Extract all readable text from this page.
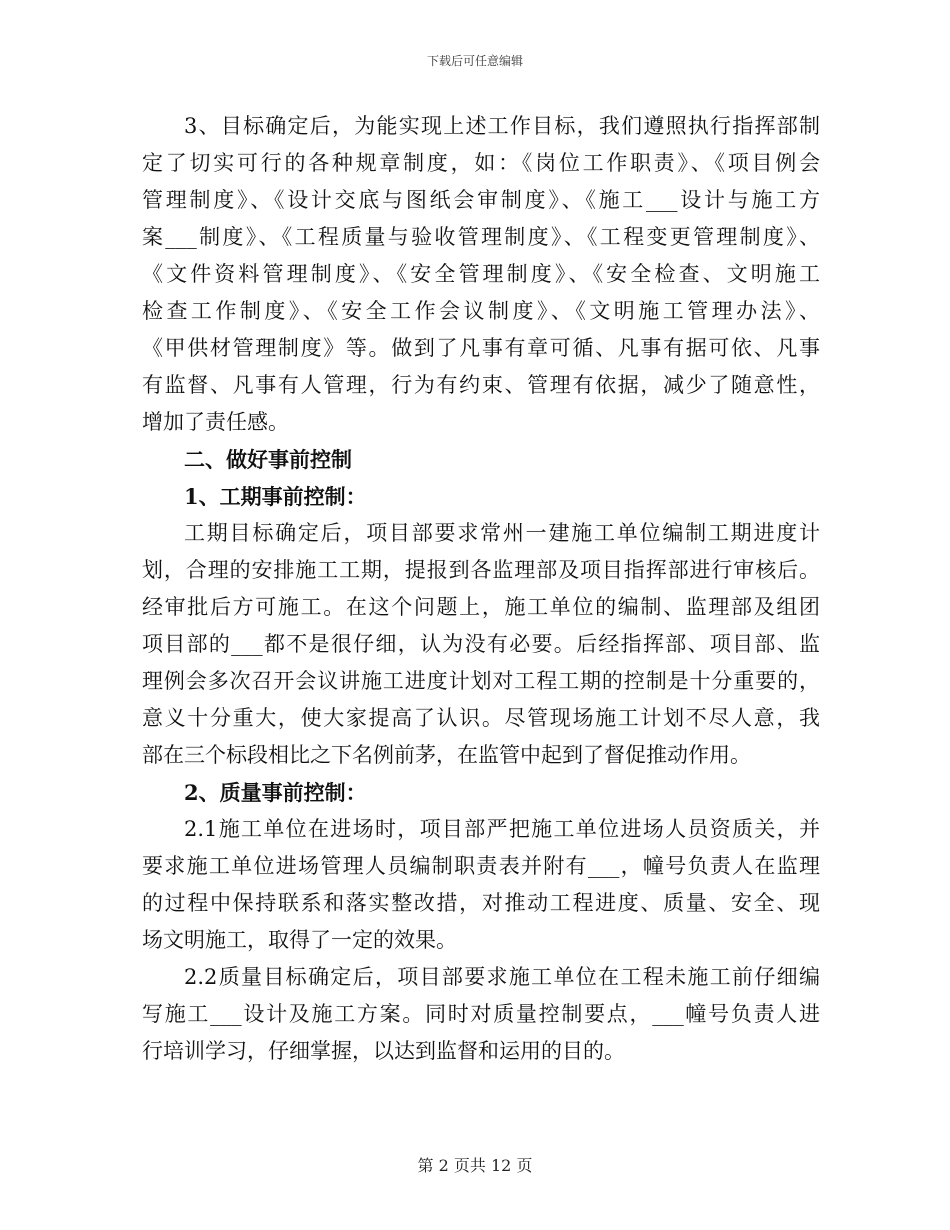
下载后可任意编辑
3、目标确定后，为能实现上述工作目标，我们遵照执行指挥部制
定了切实可行的各种规章制度，如：《岗位工作职责》、《项目例会
管理制度》、《设计交底与图纸会审制度》、《施工___设计与施工方
案___制度》、《工程质量与验收管理制度》、《工程变更管理制度》、
《文件资料管理制度》、《安全管理制度》、《安全检查、文明施工
检查工作制度》、《安全工作会议制度》、《文明施工管理办法》、
《甲供材管理制度》等。做到了凡事有章可循、凡事有据可依、凡事
有监督、凡事有人管理，行为有约束、管理有依据，减少了随意性，
增加了责任感。
二、做好事前控制
1、工期事前控制：
工期目标确定后，项目部要求常州一建施工单位编制工期进度计
划，合理的安排施工工期，提报到各监理部及项目指挥部进行审核后。
经审批后方可施工。在这个问题上，施工单位的编制、监理部及组团
项目部的___都不是很仔细，认为没有必要。后经指挥部、项目部、监
理例会多次召开会议讲施工进度计划对工程工期的控制是十分重要的，
意义十分重大，使大家提高了认识。尽管现场施工计划不尽人意，我
部在三个标段相比之下名例前茅，在监管中起到了督促推动作用。
2、质量事前控制：
2.1施工单位在进场时，项目部严把施工单位进场人员资质关，并
要求施工单位进场管理人员编制职责表并附有___，幢号负责人在监理
的过程中保持联系和落实整改措，对推动工程进度、质量、安全、现
场文明施工，取得了一定的效果。
2.2质量目标确定后，项目部要求施工单位在工程未施工前仔细编
写施工___设计及施工方案。同时对质量控制要点，___幢号负责人进
行培训学习，仔细掌握，以达到监督和运用的目的。
第 2 页共 12 页
